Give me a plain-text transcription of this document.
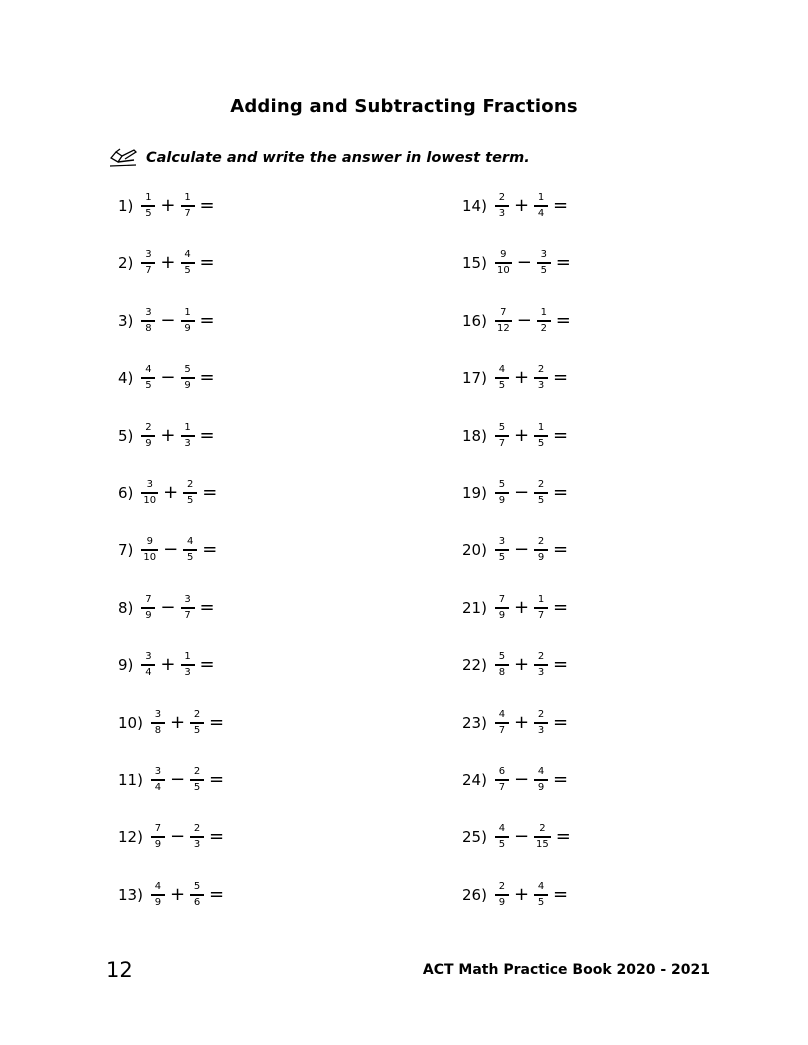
Adding and Subtracting Fractions
Calculate and write the answer in lowest term.
$1) \frac{1}{5} + \frac{1}{7}$ =
$2) \frac{3}{7} + \frac{4}{5}$ =
$3) \frac{3}{8} - \frac{1}{9}$ =
$4) \frac{4}{5} - \frac{5}{9}$ =
$5) \frac{2}{9} + \frac{1}{3}$ =
$6) \frac{3}{10} + \frac{2}{5}$ =
$7) \frac{9}{10} - \frac{4}{5}$ =
$8) \frac{7}{9} - \frac{3}{7}$ =
$9) \frac{3}{4} + \frac{1}{3}$ =
$10) \frac{3}{8} + \frac{2}{5}$ =
$11) \frac{3}{4} - \frac{2}{5}$ =
$12) \frac{7}{9} - \frac{2}{3}$ =
$13) \frac{4}{9} + \frac{5}{6}$ =
$14) \frac{2}{3} + \frac{1}{4}$ =
$15) \frac{9}{10} - \frac{3}{5}$ =
$16) \frac{7}{12} - \frac{1}{2}$ =
$17) \frac{4}{5} + \frac{2}{3}$ =
$18) \frac{5}{7} + \frac{1}{5}$ =
$19) \frac{5}{9} - \frac{2}{5}$ =
$20) \frac{3}{5} - \frac{2}{9}$ =
$21) \frac{7}{9} + \frac{1}{7}$ =
$22) \frac{5}{8} + \frac{2}{3}$ =
$23) \frac{4}{7} + \frac{2}{3}$ =
$24) \frac{6}{7} - \frac{4}{9}$ =
$25) \frac{4}{5} - \frac{2}{15}$ =
$26) \frac{2}{9} + \frac{4}{5}$ =
12	ACT Math Practice Book 2020 - 2021
